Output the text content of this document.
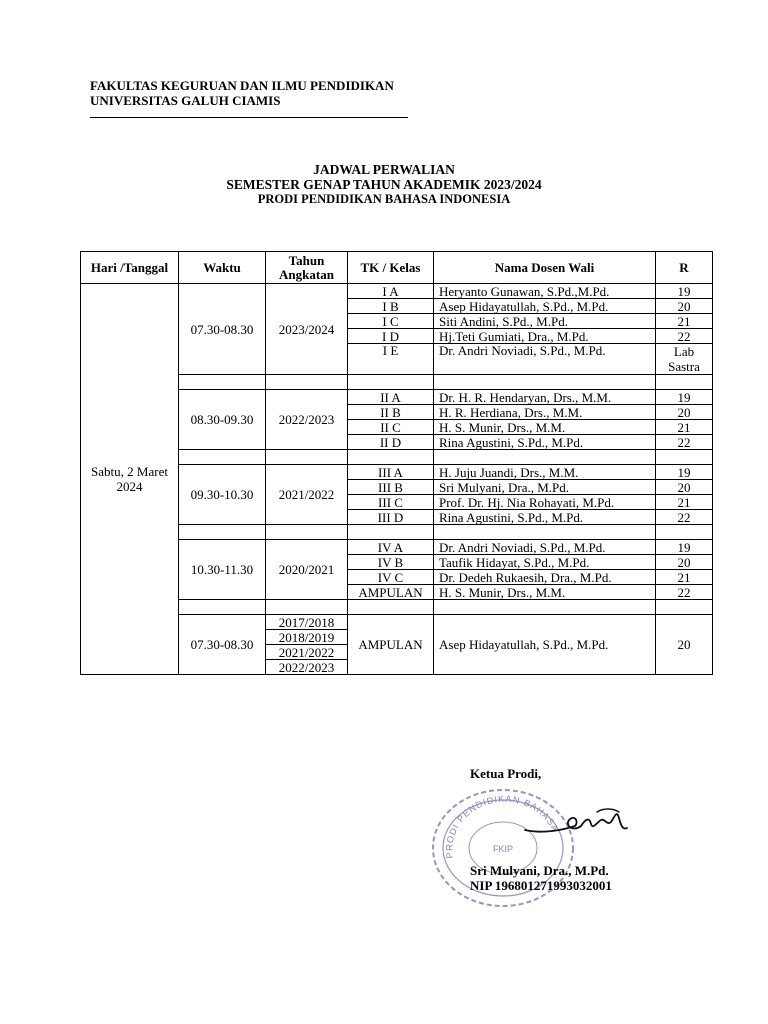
FAKULTAS KEGURUAN DAN ILMU PENDIDIKAN
UNIVERSITAS GALUH CIAMIS
JADWAL PERWALIAN
SEMESTER GENAP TAHUN AKADEMIK 2023/2024
PRODI PENDIDIKAN BAHASA INDONESIA
Hari /Tanggal	Waktu	Tahun Angkatan	TK / Kelas	Nama Dosen Wali	R
Sabtu, 2 Maret 2024	07.30-08.30	2023/2024	I A	Heryanto Gunawan, S.Pd.,M.Pd.	19
			I B	Asep Hidayatullah, S.Pd., M.Pd.	20
			I C	Siti Andini, S.Pd., M.Pd.	21
			I D	Hj.Teti Gumiati, Dra., M.Pd.	22
			I E	Dr. Andri Noviadi, S.Pd., M.Pd.	Lab Sastra

	08.30-09.30	2022/2023	II A	Dr. H. R. Hendaryan, Drs., M.M.	19
			II B	H. R. Herdiana, Drs., M.M.	20
			II C	H. S. Munir, Drs., M.M.	21
			II D	Rina Agustini, S.Pd., M.Pd.	22

	09.30-10.30	2021/2022	III A	H. Juju Juandi, Drs., M.M.	19
			III B	Sri Mulyani, Dra., M.Pd.	20
			III C	Prof. Dr. Hj. Nia Rohayati, M.Pd.	21
			III D	Rina Agustini, S.Pd., M.Pd.	22

	10.30-11.30	2020/2021	IV A	Dr. Andri Noviadi, S.Pd., M.Pd.	19
			IV B	Taufik Hidayat, S.Pd., M.Pd.	20
			IV C	Dr. Dedeh Rukaesih, Dra., M.Pd.	21
			AMPULAN	H. S. Munir, Drs., M.M.	22

	07.30-08.30	2017/2018	AMPULAN	Asep Hidayatullah, S.Pd., M.Pd.	20
		2018/2019			
		2021/2022			
		2022/2023			
PRODI PENDIDIKAN BAHASA
FKIP
Ketua Prodi,
Sri Mulyani, Dra., M.Pd.
NIP 196801271993032001
